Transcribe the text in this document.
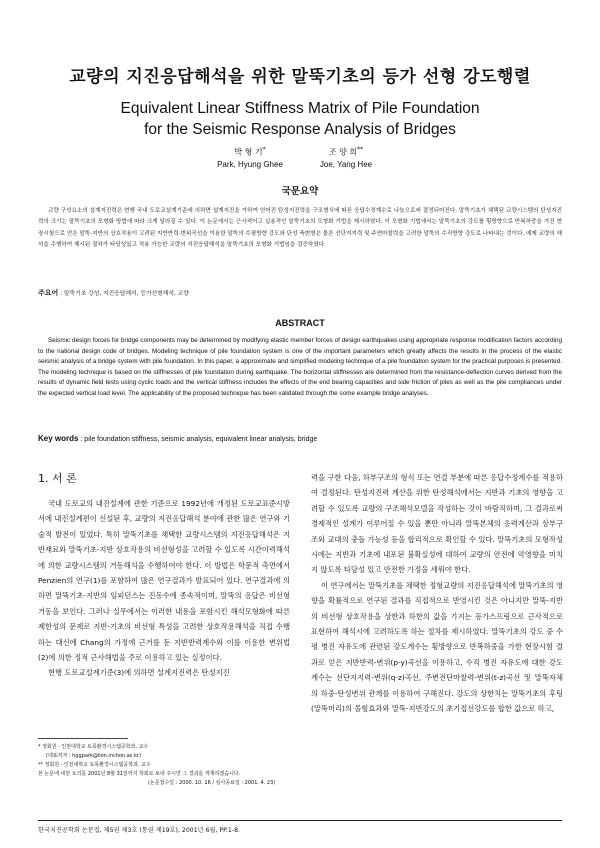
교량의 지진응답해석을 위한 말뚝기초의 등가 선형 강도행렬
Equivalent Linear Stiffness Matrix of Pile Foundation
for the Seismic Response Analysis of Bridges
박 형 기*
Park, Hyung Ghee
조 양 희**
Joe, Yang Hee
국문요약
교량 구성요소의 설계지진력은 현행 국내 도로교설계기준에 의하면 설계지진을 가하여 얻어진 탄성지진력을 구조형식에 따른 응답수정계수로 나눔으로써 결정되어진다. 말뚝기초가 채택된 교량시스템의 탄성지진력의 크기는 말뚝기초의 모형화 방법에 따라 크게 달라질 수 있다. 이 논문에서는 근사적이고 실용적인 말뚝기초의 모형화 기법을 제시하였다. 이 모형화 기법에서는 말뚝기초의 강도를 횡방향으로 반복하중을 가진 현장시험으로 얻은 말뚝-지반의 상호작용이 고려된 지반반력-변위곡선을 이용한 말뚝의 수평방향 강도와 단성 축변형은 물론 선단지지력 및 주면마찰력을 고려한 말뚝의 수직방향 강도로 나타내는 것이다. 예제 교량의 해석을 수행하여 제시된 절차가 타당성있고 적용 가능한 교량의 지진응답해석을 말뚝기초의 모형화 기법임을 검증하였다.
주요어 : 말뚝기초 강성, 지진응답해석, 등가선형해석, 교량
ABSTRACT
Seismic design forces for bridge components may be determined by modifying elastic member forces of design earthquakes using appropriate response modification factors according to the national design code of bridges. Modeling technique of pile foundation system is one of the important parameters which greatly affects the results in the process of the elastic seismic analysis of a bridge system with pile foundation. In this paper, a approximate and simplified modeling technique of a pile foundation system for the practical purposes is presented. The modeling technique is based on the stiffnesses of pile foundation during earthquake. The horizontal stiffnesses are determined from the resistance-deflection curves derived from the results of dynamic field tests using cyclic loads and the vertical stiffness includes the effects of the end bearing capacities and side friction of piles as well as the pile compliances under the expected vertical load level. The applicability of the proposed technique has been validated through the some example bridge analyses.
Key words : pile foundation stiffness, seismic analysis, equivalent linear analysis, bridge
1. 서 론

국내 도로교의 내진설계에 관한 기준으로 1992년에 개정된 도로교표준시방서에 내진설계편이 신설된 후, 교량의 지진응답해석 분야에 관한 많은 연구와 기술적 발전이 있었다. 특히 말뚝기초를 채택한 교량시스템의 지진응답해석은 지반재료와 말뚝기초-지반 상호작용의 비선형성을 고려할 수 있도록 시간이력해석에 의한 교량시스템의 거동해석을 수행하여야 한다. 이 방법은 학문적 측면에서 Penzien의 연구(1)를 포함하여 많은 연구결과가 발표되어 있다. 연구결과에 의하면 말뚝기초-지반의 임피던스는 진동수에 종속적이며, 말뚝의 응답은 비선형거동을 보인다. 그러나 실무에서는 이러한 내용을 포함시킨 해석모형화에 따른 제한성의 문제로 지반-기초의 비선형 특성을 고려한 상호작용해석을 직접 수행하는 대신에 Chang의 가정에 근거를 둔 지반반력계수와 이를 이용한 변위법(2)에 의한 정적 근사해법을 주로 이용하고 있는 실정이다.

현행 도로교설계기준(3)에 의하면 설계지진력은 탄성지진

력을 구한 다음, 하부구조의 형식 또는 연결 부분에 따른 응답수정계수를 적용하여 결정된다. 탄성지진력 계산을 위한 탄성해석에서는 지반과 기초의 영향을 고려할 수 있도록 교량의 구조해석모델을 작성하는 것이 바람직하며, 그 결과로써 경제적인 설계가 이루어질 수 있을 뿐만 아니라 말뚝본체의 응력계산과 상부구조와 교대의 충돌 가능성 등을 합리적으로 확인할 수 있다. 말뚝기초의 모형작성시에는 지반과 기초에 내포된 불확실성에 대하여 교량의 안전에 악영향을 미치지 않도록 타당성 있고 안전한 가정을 세워야 한다.

이 연구에서는 말뚝기초를 채택한 정형교량의 지진응답해석에 말뚝기초의 영향을 확률적으로 연구된 결과를 직접적으로 반영시킨 것은 아니지만 말뚝-지반의 비선형 상호작용을 상한과 하한의 값을 가지는 등가스프링으로 근사적으로 표현하여 해석시에 고려하도록 하는 절차를 제시하였다. 말뚝기초의 강도 중 수평 병진 자유도에 관련된 강도계수는 횡방향으로 반복하중을 가한 현장시험 결과로 얻은 지반반력-변위(p-y)곡선을 이용하고, 수직 병진 자유도에 대한 강도계수는 선단지지력-변위(q-z)곡선, 주변전단마찰력-변위(t-z)곡선 및 말뚝자체의 하중-탄성변위 관계를 이용하여 구해진다. 강도의 상한치는 말뚝기초의 후팅(말뚝머리)의 몰힘효과와 말뚝-지반강도의 초기접선강도를 합한 값으로 하고,

* 정회원 · 인천대학교 토목환경시스템공학과, 교수
(대표저자 : hggpark@lion.inchon.ac.kr)
** 정회원 · 인천대학교 토목환경시스템공학과, 교수
본 논문에 대한 토의를 2001년 8월 31일까지 학회로 보내 주시면 그 결과를 게재하겠습니다.
(논문접수일 : 2000. 10. 16 / 심사종료일 : 2001. 4. 23)
한국지진공학회 논문집, 제5권 제3호 (통권 제19호), 2001년 6월, PP.1-8.
